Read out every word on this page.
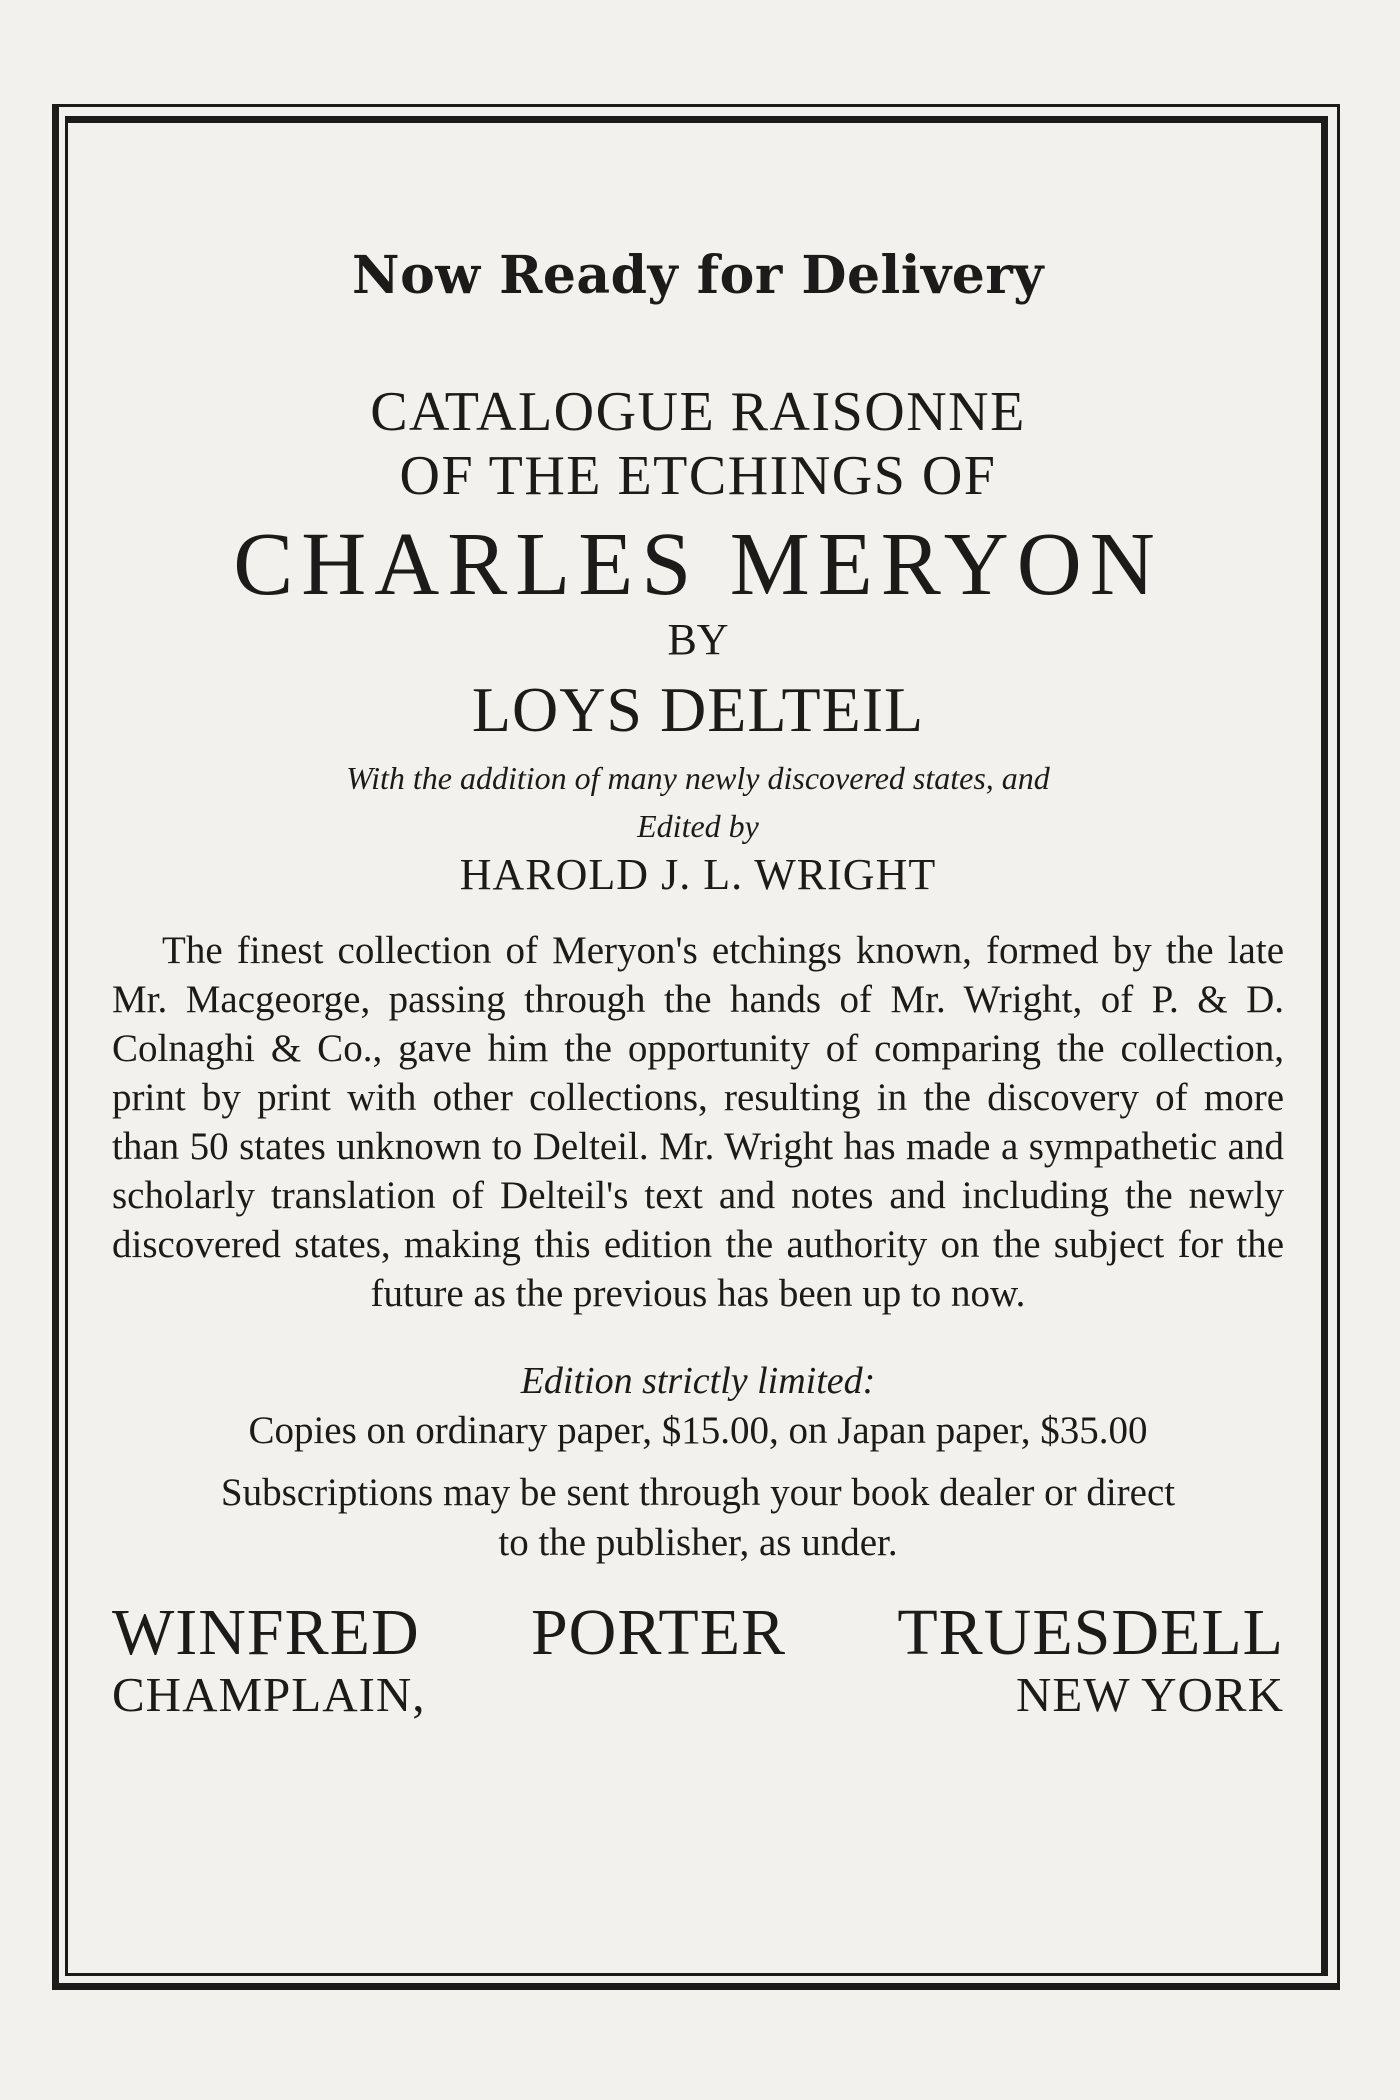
Now Ready for Delivery
CATALOGUE RAISONNE
OF THE ETCHINGS OF
CHARLES MERYON
BY
LOYS DELTEIL
With the addition of many newly discovered states, and
Edited by
HAROLD J. L. WRIGHT
The finest collection of Meryon's etchings known, formed by the late Mr. Macgeorge, passing through the hands of Mr. Wright, of P. & D. Colnaghi & Co., gave him the opportunity of comparing the collection, print by print with other collections, resulting in the discovery of more than 50 states unknown to Delteil. Mr. Wright has made a sympathetic and scholarly translation of Delteil's text and notes and including the newly discovered states, making this edition the authority on the subject for the future as the previous has been up to now.
Edition strictly limited:
Copies on ordinary paper, $15.00, on Japan paper, $35.00
Subscriptions may be sent through your book dealer or direct to the publisher, as under.
WINFRED PORTER TRUESDELL
CHAMPLAIN,	NEW YORK
